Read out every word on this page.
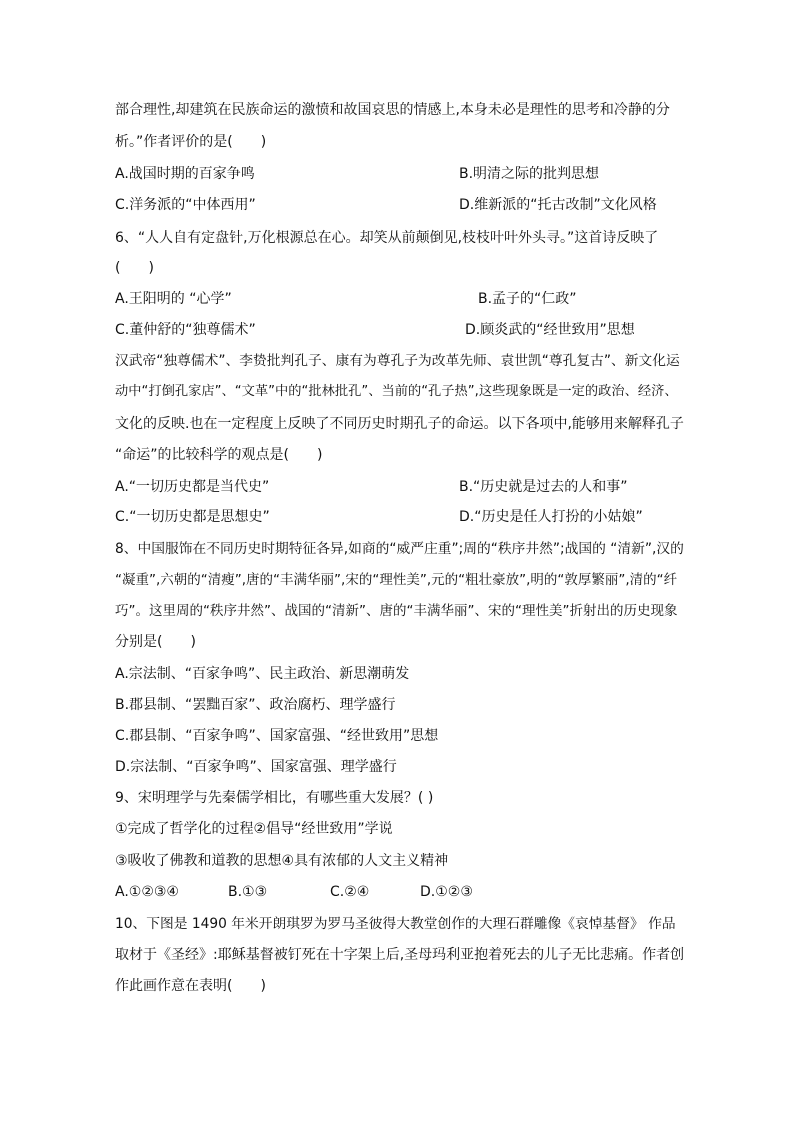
部合理性,却建筑在民族命运的激愤和故国哀思的情感上,本身未必是理性的思考和冷静的分
析。”作者评价的是(　　)
A.战国时期的百家争鸣	B.明清之际的批判思想
C.洋务派的“中体西用”	D.维新派的“托古改制”文化风格
6、“人人自有定盘针,万化根源总在心。却笑从前颠倒见,枝枝叶叶外头寻。”这首诗反映了
(　　)
A.王阳明的 “心学”	B.孟子的“仁政”
C.董仲舒的“独尊儒术”	D.顾炎武的“经世致用”思想
汉武帝“独尊儒术”、李贽批判孔子、康有为尊孔子为改革先师、袁世凯“尊孔复古”、新文化运
动中“打倒孔家店”、“文革”中的“批林批孔”、当前的“孔子热”,这些现象既是一定的政治、经济、
文化的反映.也在一定程度上反映了不同历史时期孔子的命运。以下各项中,能够用来解释孔子
“命运”的比较科学的观点是(　　)
A.“一切历史都是当代史”	B.“历史就是过去的人和事”
C.“一切历史都是思想史”	D.“历史是任人打扮的小姑娘”
8、中国服饰在不同历史时期特征各异,如商的“威严庄重”;周的“秩序井然”;战国的 “清新”,汉的
“凝重”,六朝的“清瘦”,唐的“丰满华丽”,宋的“理性美”,元的“粗壮豪放”,明的“敦厚繁丽”,清的“纤
巧”。这里周的“秩序井然”、战国的“清新”、唐的“丰满华丽”、宋的“理性美”折射出的历史现象
分别是(　　)
A.宗法制、“百家争鸣”、民主政治、新思潮萌发
B.郡县制、“罢黜百家”、政治腐朽、理学盛行
C.郡县制、“百家争鸣”、国家富强、“经世致用”思想
D.宗法制、“百家争鸣”、国家富强、理学盛行
9、宋明理学与先秦儒学相比，有哪些重大发展？( )
①完成了哲学化的过程②倡导“经世致用”学说
③吸收了佛教和道教的思想④具有浓郁的人文主义精神
A.①②③④	B.①③	C.②④	D.①②③
10、下图是 1490 年米开朗琪罗为罗马圣彼得大教堂创作的大理石群雕像《哀悼基督》 作品
取材于《圣经》:耶稣基督被钉死在十字架上后,圣母玛利亚抱着死去的儿子无比悲痛。作者创
作此画作意在表明(　　)
